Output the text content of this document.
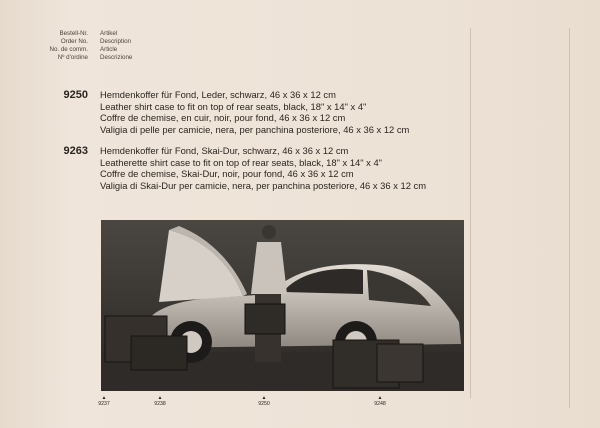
Bestell-Nr.
Order No.
No. de comm.
Nº d'ordine
Artikel
Description
Article
Descrizione
9250 Hemdenkoffer für Fond, Leder, schwarz, 46 x 36 x 12 cm
Leather shirt case to fit on top of rear seats, black, 18" x 14" x 4"
Coffre de chemise, en cuir, noir, pour fond, 46 x 36 x 12 cm
Valigia di pelle per camicie, nera, per panchina posteriore, 46 x 36 x 12 cm
9263 Hemdenkoffer für Fond, Skai-Dur, schwarz, 46 x 36 x 12 cm
Leatherette shirt case to fit on top of rear seats, black, 18" x 14" x 4"
Coffre de chemise, Skai-Dur, noir, pour fond, 46 x 36 x 12 cm
Valigia di Skai-Dur per camicie, nera, per panchina posteriore, 46 x 36 x 12 cm
▲
9237
▲
9238
▲
9250
▲
9248
